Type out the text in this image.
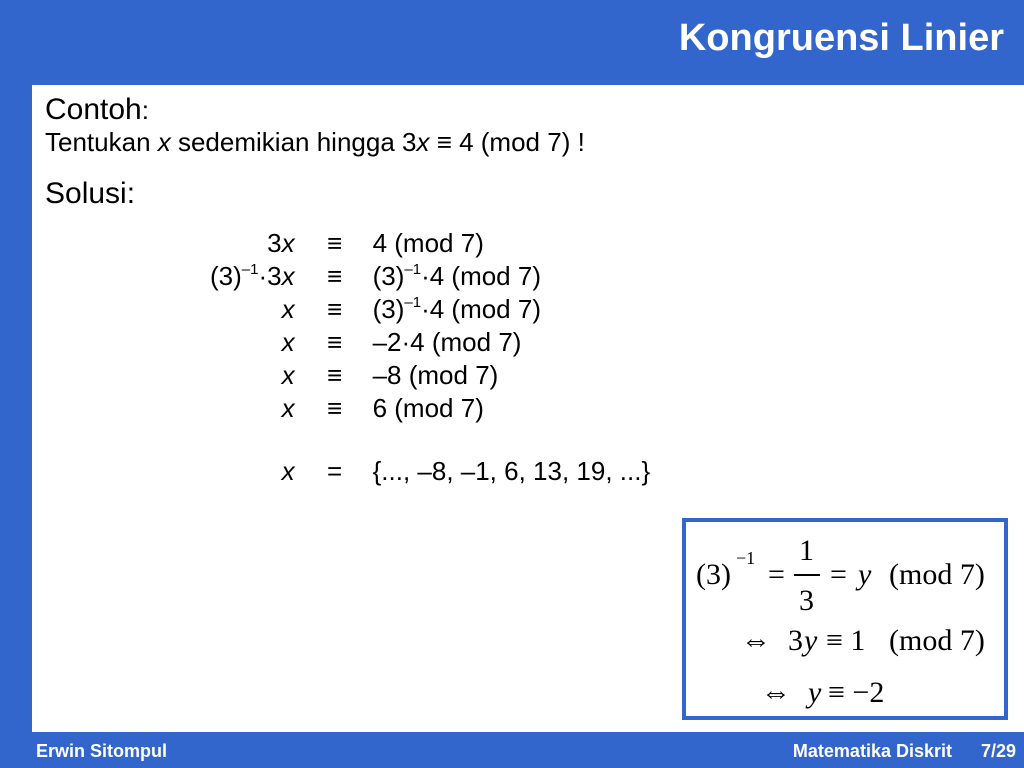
Kongruensi Linier
Contoh:
Tentukan x sedemikian hingga 3x ≡ 4 (mod 7) !
Solusi:
3x	≡	4 (mod 7)
$(3)^{-1}\cdot 3x$	≡	$(3)^{-1}\cdot 4$ (mod 7)
x	≡	$(3)^{-1}\cdot 4$ (mod 7)
x	≡	–2·4 (mod 7)
x	≡	–8 (mod 7)
x	≡	6 (mod 7)

x	=	{..., –8, –1, 6, 13, 19, ...}
(3) −1 =
1
3
= y (mod 7)
⇔ 3 y ≡ 1 (mod 7)
⇔ y ≡ −2
Erwin Sitompul	Matematika Diskrit 7/29
